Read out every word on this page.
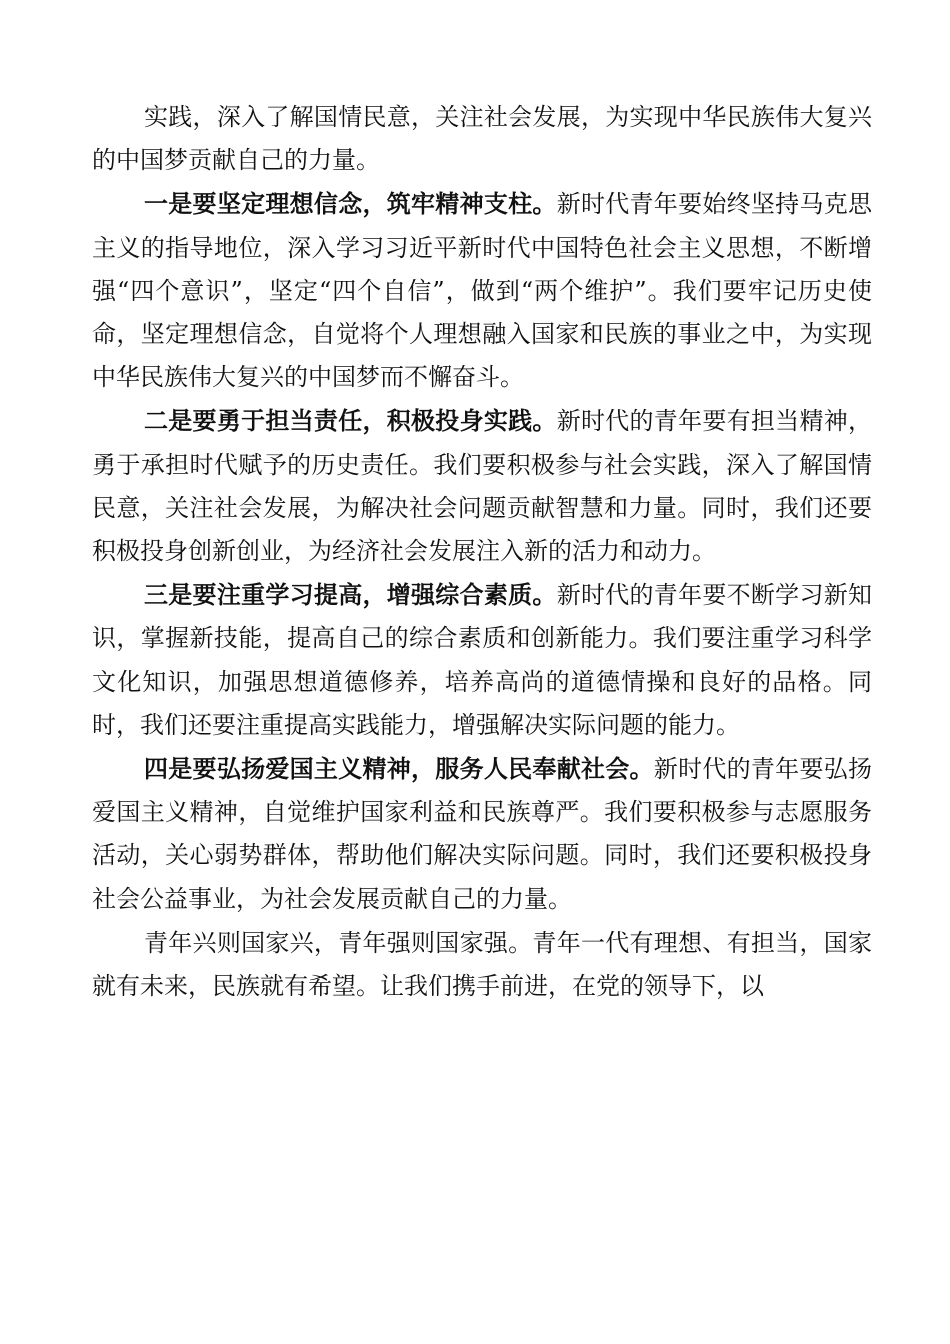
实践，深入了解国情民意，关注社会发展，为实现中华民族伟大复兴的中国梦贡献自己的力量。

一是要坚定理想信念，筑牢精神支柱。新时代青年要始终坚持马克思主义的指导地位，深入学习习近平新时代中国特色社会主义思想，不断增强“四个意识”，坚定“四个自信”，做到“两个维护”。我们要牢记历史使命，坚定理想信念，自觉将个人理想融入国家和民族的事业之中，为实现中华民族伟大复兴的中国梦而不懈奋斗。

二是要勇于担当责任，积极投身实践。新时代的青年要有担当精神，勇于承担时代赋予的历史责任。我们要积极参与社会实践，深入了解国情民意，关注社会发展，为解决社会问题贡献智慧和力量。同时，我们还要积极投身创新创业，为经济社会发展注入新的活力和动力。

三是要注重学习提高，增强综合素质。新时代的青年要不断学习新知识，掌握新技能，提高自己的综合素质和创新能力。我们要注重学习科学文化知识，加强思想道德修养，培养高尚的道德情操和良好的品格。同时，我们还要注重提高实践能力，增强解决实际问题的能力。

四是要弘扬爱国主义精神，服务人民奉献社会。新时代的青年要弘扬爱国主义精神，自觉维护国家利益和民族尊严。我们要积极参与志愿服务活动，关心弱势群体，帮助他们解决实际问题。同时，我们还要积极投身社会公益事业，为社会发展贡献自己的力量。

青年兴则国家兴，青年强则国家强。青年一代有理想、有担当，国家就有未来，民族就有希望。让我们携手前进，在党的领导下，以
